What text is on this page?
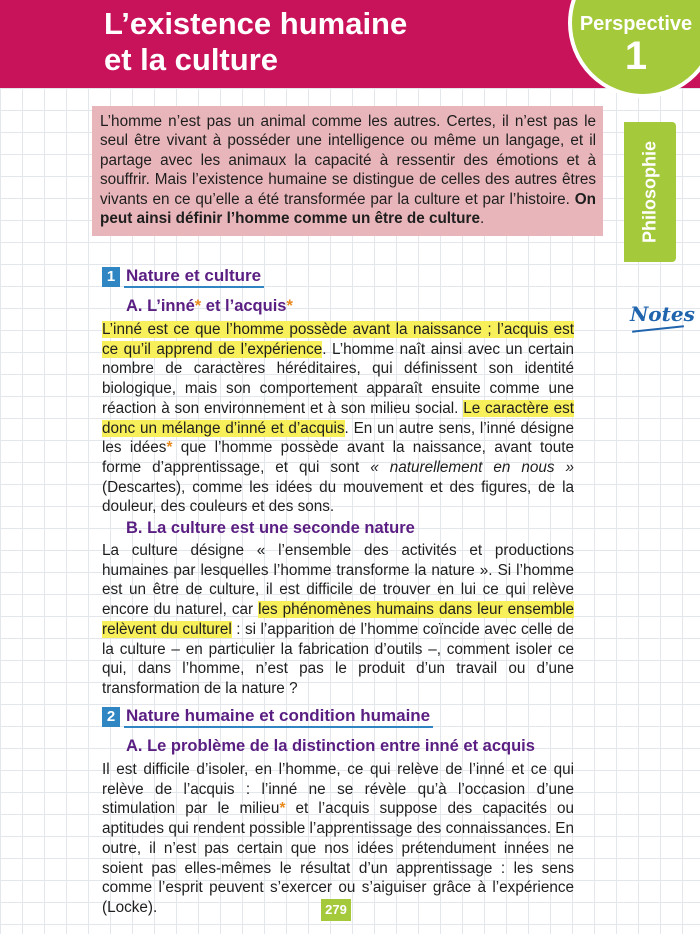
L’existence humaine
et la culture
Perspective
1
Philosophie
Notes
L’homme n’est pas un animal comme les autres. Certes, il n’est pas le seul être vivant à posséder une intelligence ou même un langage, et il partage avec les animaux la capacité à ressentir des émotions et à souffrir. Mais l’existence humaine se distingue de celles des autres êtres vivants en ce qu’elle a été transformée par la culture et par l’histoire. On peut ainsi définir l’homme comme un être de culture.
1 Nature et culture
A. L’inné* et l’acquis*
L’inné est ce que l’homme possède avant la naissance ; l’acquis est ce qu’il apprend de l’expérience. L’homme naît ainsi avec un certain nombre de caractères héréditaires, qui définissent son identité biologique, mais son comportement apparaît ensuite comme une réaction à son environnement et à son milieu social. Le caractère est donc un mélange d’inné et d’acquis. En un autre sens, l’inné désigne les idées* que l’homme possède avant la naissance, avant toute forme d’apprentissage, et qui sont « naturellement en nous » (Descartes), comme les idées du mouvement et des figures, de la douleur, des couleurs et des sons.
B. La culture est une seconde nature
La culture désigne « l’ensemble des activités et productions humaines par lesquelles l’homme transforme la nature ». Si l’homme est un être de culture, il est difficile de trouver en lui ce qui relève encore du naturel, car les phénomènes humains dans leur ensemble relèvent du culturel : si l’apparition de l’homme coïncide avec celle de la culture – en particulier la fabrication d’outils –, comment isoler ce qui, dans l’homme, n’est pas le produit d’un travail ou d’une transformation de la nature ?
2 Nature humaine et condition humaine
A. Le problème de la distinction entre inné et acquis
Il est difficile d’isoler, en l’homme, ce qui relève de l’inné et ce qui relève de l’acquis : l’inné ne se révèle qu’à l’occasion d’une stimulation par le milieu* et l’acquis suppose des capacités ou aptitudes qui rendent possible l’apprentissage des connaissances. En outre, il n’est pas certain que nos idées prétendument innées ne soient pas elles-mêmes le résultat d’un apprentissage : les sens comme l’esprit peuvent s’exercer ou s’aiguiser grâce à l’expérience (Locke).	279
